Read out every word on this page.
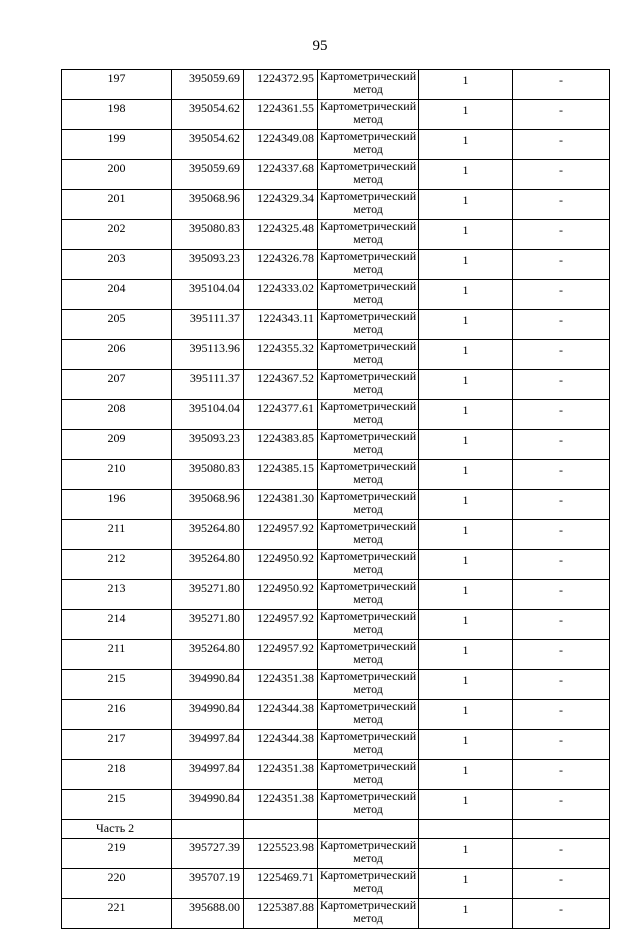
95
197	395059.69	1224372.95	Картометрический метод	1	-
198	395054.62	1224361.55	Картометрический метод	1	-
199	395054.62	1224349.08	Картометрический метод	1	-
200	395059.69	1224337.68	Картометрический метод	1	-
201	395068.96	1224329.34	Картометрический метод	1	-
202	395080.83	1224325.48	Картометрический метод	1	-
203	395093.23	1224326.78	Картометрический метод	1	-
204	395104.04	1224333.02	Картометрический метод	1	-
205	395111.37	1224343.11	Картометрический метод	1	-
206	395113.96	1224355.32	Картометрический метод	1	-
207	395111.37	1224367.52	Картометрический метод	1	-
208	395104.04	1224377.61	Картометрический метод	1	-
209	395093.23	1224383.85	Картометрический метод	1	-
210	395080.83	1224385.15	Картометрический метод	1	-
196	395068.96	1224381.30	Картометрический метод	1	-
211	395264.80	1224957.92	Картометрический метод	1	-
212	395264.80	1224950.92	Картометрический метод	1	-
213	395271.80	1224950.92	Картометрический метод	1	-
214	395271.80	1224957.92	Картометрический метод	1	-
211	395264.80	1224957.92	Картометрический метод	1	-
215	394990.84	1224351.38	Картометрический метод	1	-
216	394990.84	1224344.38	Картометрический метод	1	-
217	394997.84	1224344.38	Картометрический метод	1	-
218	394997.84	1224351.38	Картометрический метод	1	-
215	394990.84	1224351.38	Картометрический метод	1	-
Часть 2					
219	395727.39	1225523.98	Картометрический метод	1	-
220	395707.19	1225469.71	Картометрический метод	1	-
221	395688.00	1225387.88	Картометрический метод	1	-
